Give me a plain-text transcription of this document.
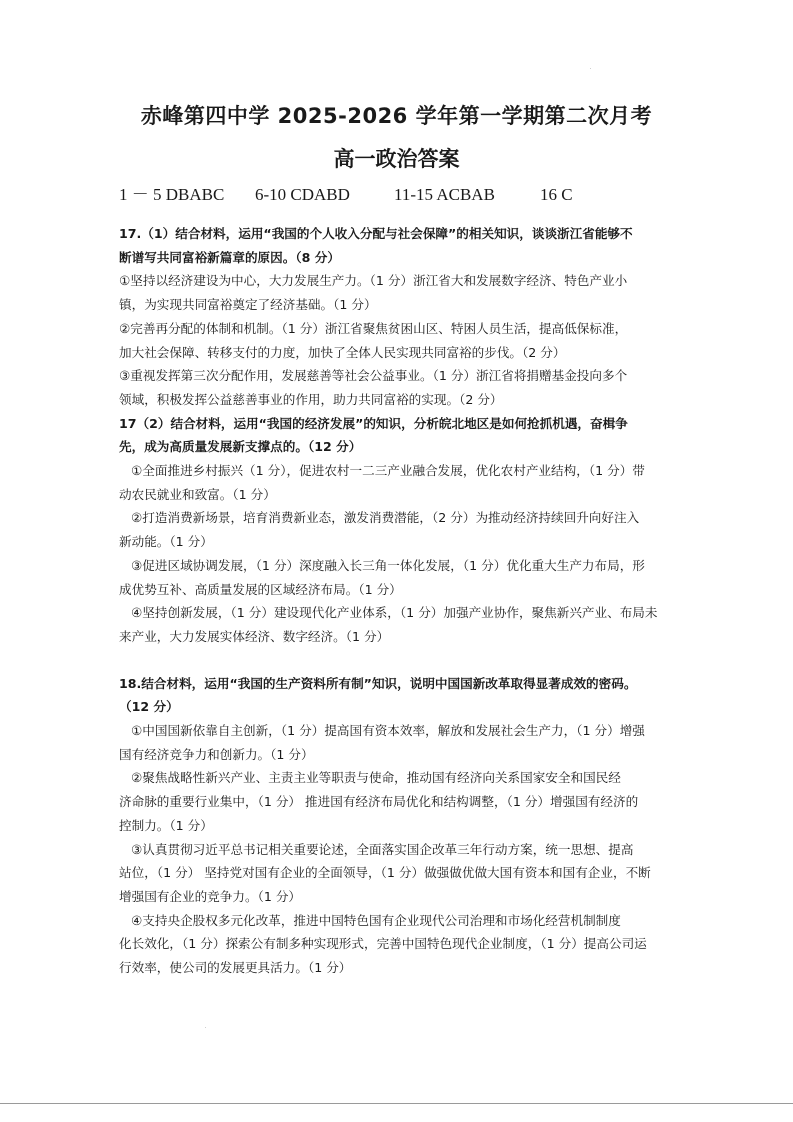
赤峰第四中学 2025-2026 学年第一学期第二次月考
高一政治答案
1 － 5 DBABC 6-10 CDABD	11-15 ACBAB	16 C

17.（1）结合材料，运用“我国的个人收入分配与社会保障”的相关知识，谈谈浙江省能够不

断谱写共同富裕新篇章的原因。（8 分）

①坚持以经济建设为中心，大力发展生产力。（1 分）浙江省大和发展数字经济、特色产业小

镇，为实现共同富裕奠定了经济基础。（1 分）

②完善再分配的体制和机制。（1 分）浙江省聚焦贫困山区、特困人员生活，提高低保标准，

加大社会保障、转移支付的力度，加快了全体人民实现共同富裕的步伐。（2 分）

③重视发挥第三次分配作用，发展慈善等社会公益事业。（1 分）浙江省将捐赠基金投向多个

领域，积极发挥公益慈善事业的作用，助力共同富裕的实现。（2 分）

17（2）结合材料，运用“我国的经济发展”的知识，分析皖北地区是如何抢抓机遇，奋楫争

先，成为高质量发展新支撑点的。（12 分）

①全面推进乡村振兴（1 分），促进农村一二三产业融合发展，优化农村产业结构，（1 分）带

动农民就业和致富。（1 分）

②打造消费新场景，培育消费新业态，激发消费潜能，（2 分）为推动经济持续回升向好注入

新动能。（1 分）

③促进区域协调发展，（1 分）深度融入长三角一体化发展，（1 分）优化重大生产力布局，形

成优势互补、高质量发展的区域经济布局。（1 分）

④坚持创新发展，（1 分）建设现代化产业体系，（1 分）加强产业协作，聚焦新兴产业、布局未

来产业，大力发展实体经济、数字经济。（1 分）

18.结合材料，运用“我国的生产资料所有制”知识，说明中国国新改革取得显著成效的密码。

（12 分）

①中国国新依靠自主创新，（1 分）提高国有资本效率，解放和发展社会生产力，（1 分）增强

国有经济竞争力和创新力。（1 分）

②聚焦战略性新兴产业、主责主业等职责与使命，推动国有经济向关系国家安全和国民经

济命脉的重要行业集中，（1 分） 推进国有经济布局优化和结构调整，（1 分）增强国有经济的

控制力。（1 分）

③认真贯彻习近平总书记相关重要论述，全面落实国企改革三年行动方案，统一思想、提高

站位，（1 分） 坚持党对国有企业的全面领导，（1 分）做强做优做大国有资本和国有企业，不断

增强国有企业的竞争力。（1 分）

④支持央企股权多元化改革，推进中国特色国有企业现代公司治理和市场化经营机制制度

化长效化，（1 分）探索公有制多种实现形式，完善中国特色现代企业制度，（1 分）提高公司运

行效率，使公司的发展更具活力。（1 分）
